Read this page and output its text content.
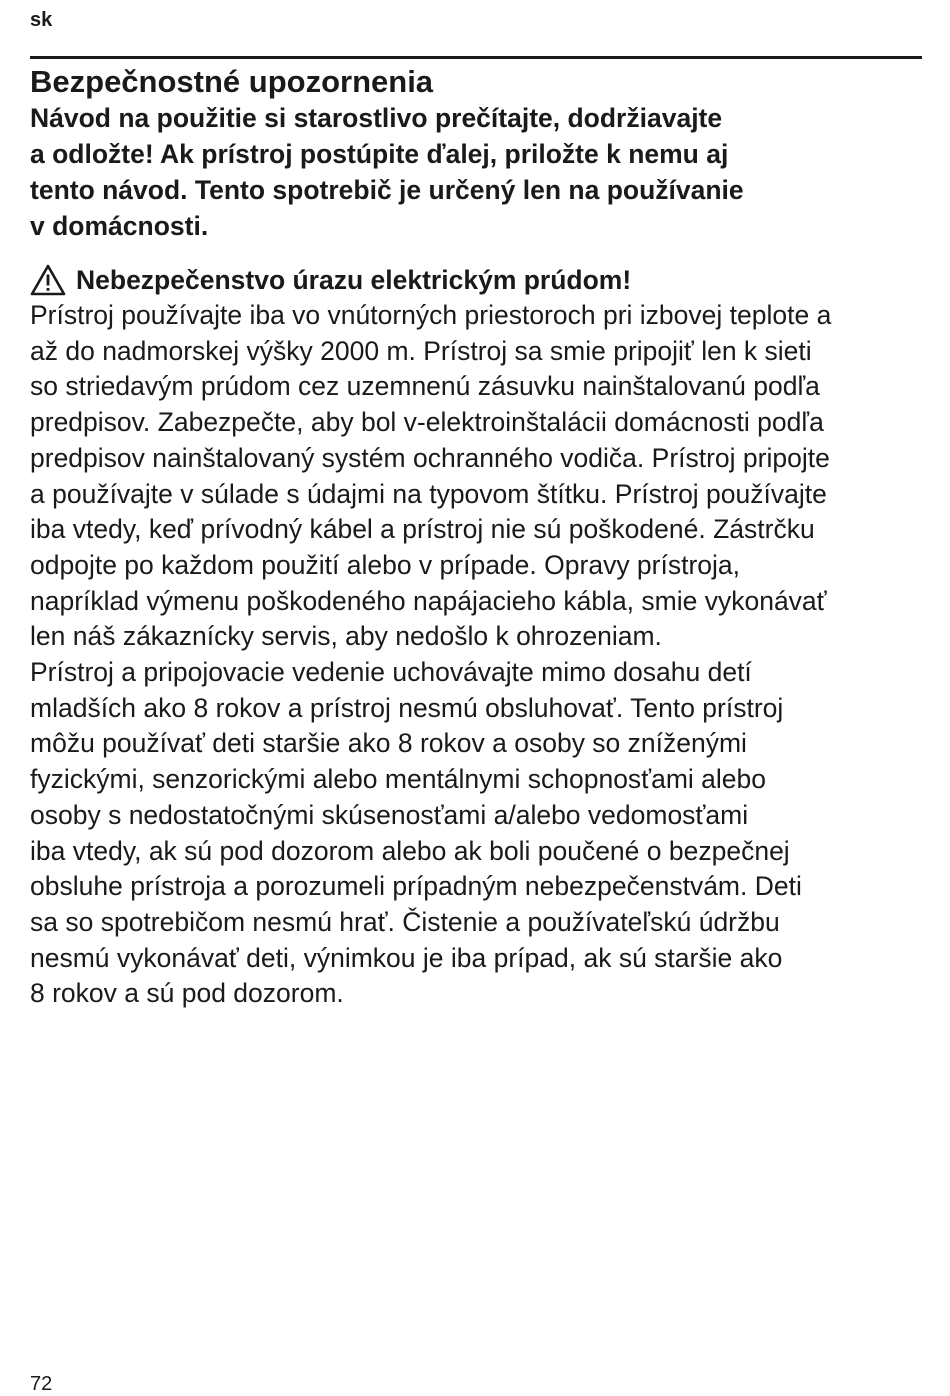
sk
Bezpečnostné upozornenia

Návod na použitie si starostlivo prečítajte, dodržiavajte
a odložte! Ak prístroj postúpite ďalej, priložte k nemu aj
tento návod. Tento spotrebič je určený len na používanie
v domácnosti.

Nebezpečenstvo úrazu elektrickým prúdom!

Prístroj používajte iba vo vnútorných priestoroch pri izbovej teplote a
až do nadmorskej výšky 2000 m. Prístroj sa smie pripojiť len k sieti
so striedavým prúdom cez uzemnenú zásuvku nainštalovanú podľa
predpisov. Zabezpečte, aby bol v-elektroinštalácii domácnosti podľa
predpisov nainštalovaný systém ochranného vodiča. Prístroj pripojte
a používajte v súlade s údajmi na typovom štítku. Prístroj používajte
iba vtedy, keď prívodný kábel a prístroj nie sú poškodené. Zástrčku
odpojte po každom použití alebo v prípade. Opravy prístroja,
napríklad výmenu poškodeného napájacieho kábla, smie vykonávať
len náš zákaznícky servis, aby nedošlo k ohrozeniam.
Prístroj a pripojovacie vedenie uchovávajte mimo dosahu detí
mladších ako 8 rokov a prístroj nesmú obsluhovať. Tento prístroj
môžu používať deti staršie ako 8 rokov a osoby so zníženými
fyzickými, senzorickými alebo mentálnymi schopnosťami alebo
osoby s nedostatočnými skúsenosťami a/alebo vedomosťami
iba vtedy, ak sú pod dozorom alebo ak boli poučené o bezpečnej
obsluhe prístroja a porozumeli prípadným nebezpečenstvám. Deti
sa so spotrebičom nesmú hrať. Čistenie a používateľskú údržbu
nesmú vykonávať deti, výnimkou je iba prípad, ak sú staršie ako
8 rokov a sú pod dozorom.

72
